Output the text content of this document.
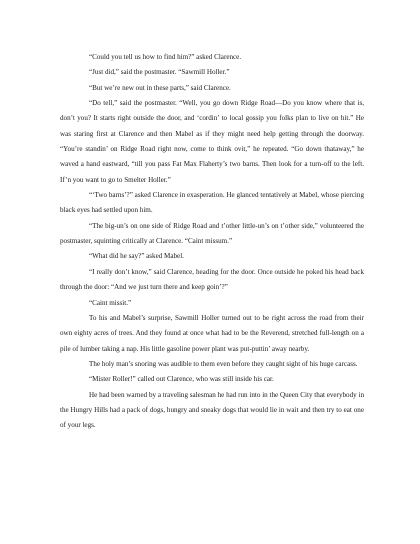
“Could you tell us how to find him?” asked Clarence.

“Just did,” said the postmaster. “Sawmill Holler.”

“But we’re new out in these parts,” said Clarence.

“Do tell,” said the postmaster. “Well, you go down Ridge Road—Do you know where that is, don’t you? It starts right outside the door, and ‘cordin’ to local gossip you folks plan to live on hit.” He was staring first at Clarence and then Mabel as if they might need help getting through the doorway. “You’re standin’ on Ridge Road right now, come to think ovit,” he repeated. “Go down thataway,” he waved a hand eastward, “till you pass Fat Max Flaherty’s two barns. Then look for a turn-off to the left. If’n you want to go to Smelter Holler.”

“‘Two barns’?” asked Clarence in exasperation. He glanced tentatively at Mabel, whose piercing black eyes had settled upon him.

“The big-un’s on one side of Ridge Road and t’other little-un’s on t’other side,” volunteered the postmaster, squinting critically at Clarence. “Caint missum.”

“What did he say?” asked Mabel.

“I really don’t know,” said Clarence, heading for the door. Once outside he poked his head back through the door: “And we just turn there and keep goin’?”

“Caint missit.”

To his and Mabel’s surprise, Sawmill Holler turned out to be right across the road from their own eighty acres of trees. And they found at once what had to be the Reverend, stretched full-length on a pile of lumber taking a nap. His little gasoline power plant was put-puttin’ away nearby.

The holy man’s snoring was audible to them even before they caught sight of his huge carcass.

“Mister Roller!” called out Clarence, who was still inside his car.

He had been warned by a traveling salesman he had run into in the Queen City that everybody in the Hungry Hills had a pack of dogs, hungry and sneaky dogs that would lie in wait and then try to eat one of your legs.
